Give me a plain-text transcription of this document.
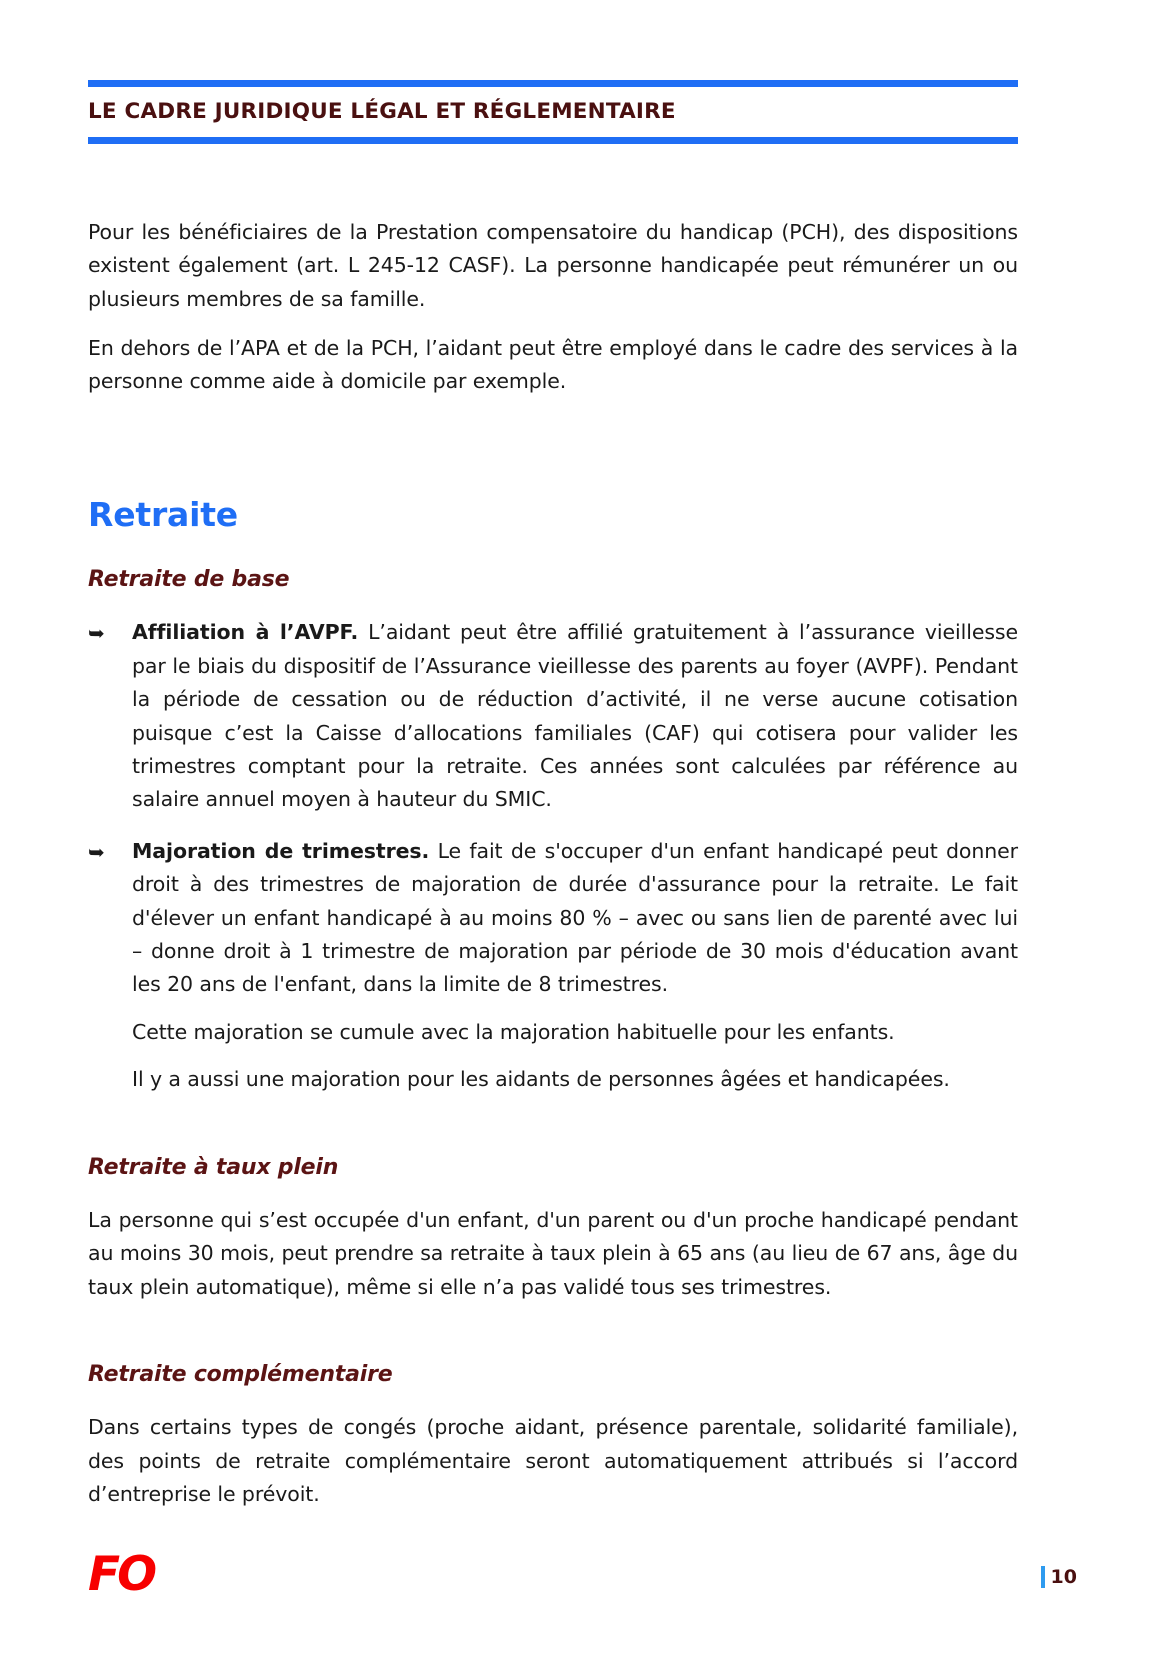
LE CADRE JURIDIQUE LÉGAL ET RÉGLEMENTAIRE

Pour les bénéficiaires de la Prestation compensatoire du handicap (PCH), des dispositions existent également (art. L 245-12 CASF). La personne handicapée peut rémunérer un ou plusieurs membres de sa famille.

En dehors de l’APA et de la PCH, l’aidant peut être employé dans le cadre des services à la personne comme aide à domicile par exemple.

Retraite
Retraite de base
➥ Affiliation à l’AVPF. L’aidant peut être affilié gratuitement à l’assurance vieillesse par le biais du dispositif de l’Assurance vieillesse des parents au foyer (AVPF). Pendant la période de cessation ou de réduction d’activité, il ne verse aucune cotisation puisque c’est la Caisse d’allocations familiales (CAF) qui cotisera pour valider les trimestres comptant pour la retraite. Ces années sont calculées par référence au salaire annuel moyen à hauteur du SMIC.

➥ Majoration de trimestres. Le fait de s'occuper d'un enfant handicapé peut donner droit à des trimestres de majoration de durée d'assurance pour la retraite. Le fait d'élever un enfant handicapé à au moins 80 % – avec ou sans lien de parenté avec lui – donne droit à 1 trimestre de majoration par période de 30 mois d'éducation avant les 20 ans de l'enfant, dans la limite de 8 trimestres.

Cette majoration se cumule avec la majoration habituelle pour les enfants.

Il y a aussi une majoration pour les aidants de personnes âgées et handicapées.

Retraite à taux plein

La personne qui s’est occupée d'un enfant, d'un parent ou d'un proche handicapé pendant au moins 30 mois, peut prendre sa retraite à taux plein à 65 ans (au lieu de 67 ans, âge du taux plein automatique), même si elle n’a pas validé tous ses trimestres.

Retraite complémentaire

Dans certains types de congés (proche aidant, présence parentale, solidarité familiale), des points de retraite complémentaire seront automatiquement attribués si l’accord d’entreprise le prévoit.

FO	10
